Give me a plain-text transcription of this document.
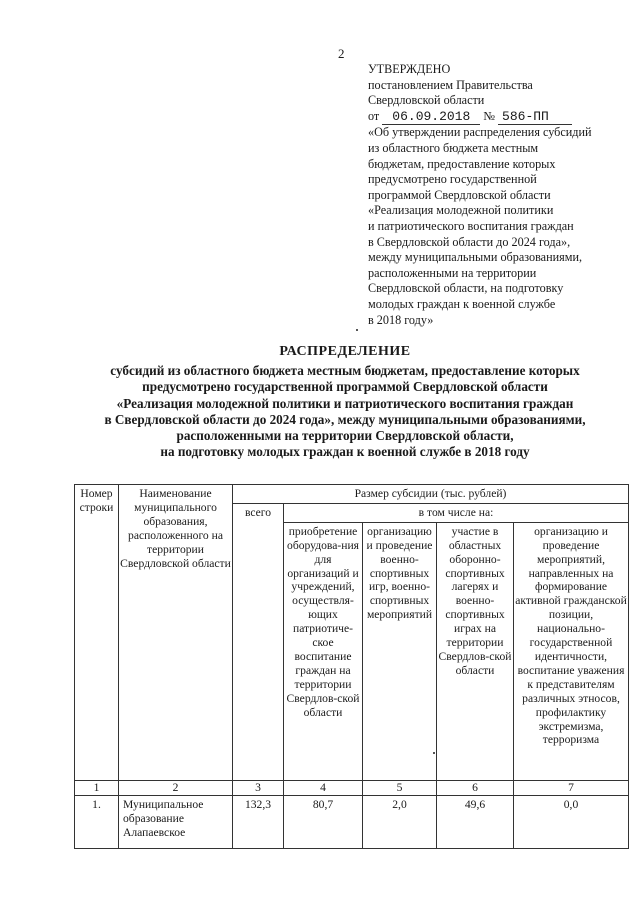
2
УТВЕРЖДЕНО
постановлением Правительства
Свердловской области
от 06.09.2018 № 586-ПП
«Об утверждении распределения субсидий
из областного бюджета местным
бюджетам, предоставление которых
предусмотрено государственной
программой Свердловской области
«Реализация молодежной политики
и патриотического воспитания граждан
в Свердловской области до 2024 года»,
между муниципальными образованиями,
расположенными на территории
Свердловской области, на подготовку
молодых граждан к военной службе
в 2018 году»
РАСПРЕДЕЛЕНИЕ
субсидий из областного бюджета местным бюджетам, предоставление которых
предусмотрено государственной программой Свердловской области
«Реализация молодежной политики и патриотического воспитания граждан
в Свердловской области до 2024 года», между муниципальными образованиями,
расположенными на территории Свердловской области,
на подготовку молодых граждан к военной службе в 2018 году
Номер строки	Наименование муниципального образования, расположенного на территории Свердловской области	Размер субсидии (тыс. рублей)				
		всего	в том числе на:			
			приобретение оборудова-ния для организаций и учреждений, осуществля-ющих патриотиче-ское воспитание граждан на территории Свердлов-ской области	организацию и проведение военно-спортивных игр, военно-спортивных мероприятий	участие в областных оборонно-спортивных лагерях и военно-спортивных играх на территории Свердлов-ской области	организацию и проведение мероприятий, направленных на формирование активной гражданской позиции, национально-государственной идентичности, воспитание уважения к представителям различных этносов, профилактику экстремизма, терроризма
1	2	3	4	5	6	7
1.	Муниципальное образование Алапаевское	132,3	80,7	2,0	49,6	0,0
